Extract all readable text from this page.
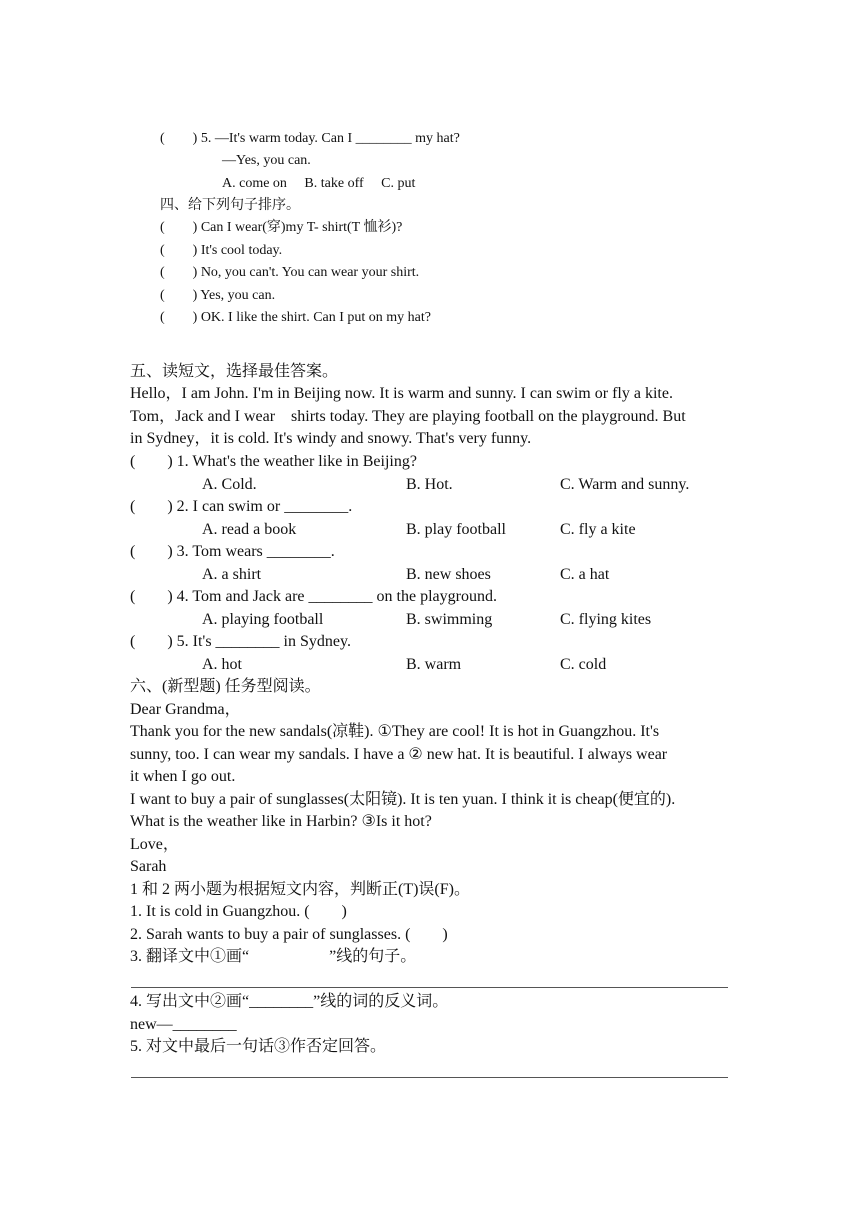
(　　) 5. —It's warm today. Can I ________ my hat?
—Yes, you can.
A. come on　 B. take off　 C. put
四、给下列句子排序。
(　　) Can I wear(穿)my T- shirt(T 恤衫)?
(　　) It's cool today.
(　　) No, you can't. You can wear your shirt.
(　　) Yes, you can.
(　　) OK. I like the shirt. Can I put on my hat?
五、读短文，选择最佳答案。
Hello，I am John. I'm in Beijing now. It is warm and sunny. I can swim or fly a kite.
Tom，Jack and I wear　shirts today. They are playing football on the playground. But
in Sydney，it is cold. It's windy and snowy. That's very funny.
(　　) 1. What's the weather like in Beijing?
A. Cold.	B. Hot.	C. Warm and sunny.
(　　) 2. I can swim or ________.
A. read a book	B. play football	C. fly a kite
(　　) 3. Tom wears ________.
A. a shirt	B. new shoes	C. a hat
(　　) 4. Tom and Jack are ________ on the playground.
A. playing football	B. swimming	C. flying kites
(　　) 5. It's ________ in Sydney.
A. hot	B. warm	C. cold
六、(新型题) 任务型阅读。
Dear Grandma，
Thank you for the new sandals(凉鞋). ①They are cool! It is hot in Guangzhou. It's
sunny, too. I can wear my sandals. I have a ② new hat. It is beautiful. I always wear
it when I go out.
I want to buy a pair of sunglasses(太阳镜). It is ten yuan. I think it is cheap(便宜的).
What is the weather like in Harbin? ③Is it hot?
Love，
Sarah
1 和 2 两小题为根据短文内容，判断正(T)误(F)。
1. It is cold in Guangzhou. (　　)
2. Sarah wants to buy a pair of sunglasses. (　　)
3. 翻译文中①画“　　　　　”线的句子。
4. 写出文中②画“________”线的词的反义词。
new—________
5. 对文中最后一句话③作否定回答。
